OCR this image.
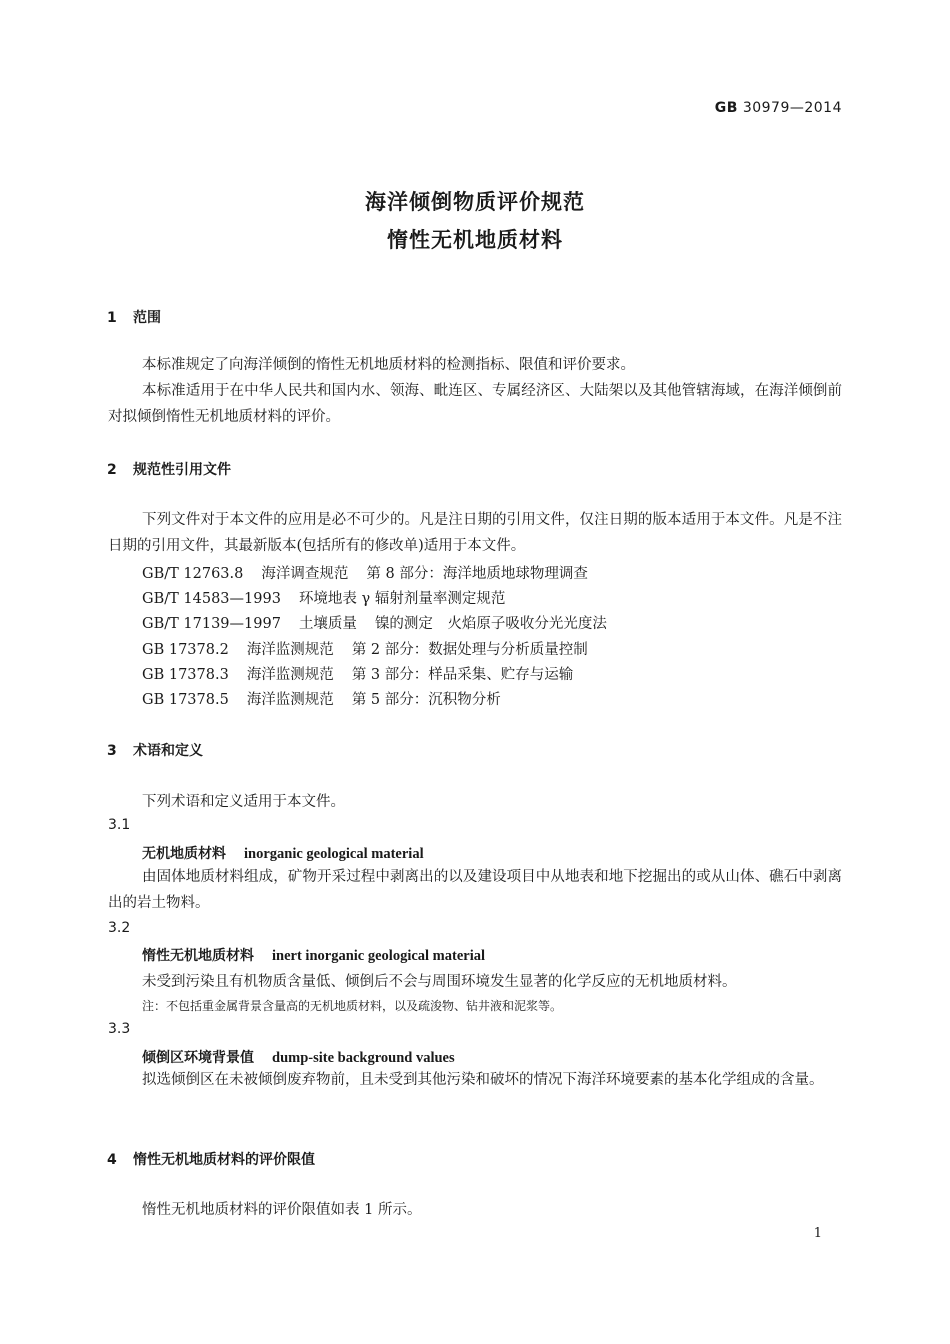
GB 30979—2014
海洋倾倒物质评价规范
惰性无机地质材料
1 范围
本标准规定了向海洋倾倒的惰性无机地质材料的检测指标、限值和评价要求。
本标准适用于在中华人民共和国内水、领海、毗连区、专属经济区、大陆架以及其他管辖海域，在海洋倾倒前对拟倾倒惰性无机地质材料的评价。
2 规范性引用文件
下列文件对于本文件的应用是必不可少的。凡是注日期的引用文件，仅注日期的版本适用于本文件。凡是不注日期的引用文件，其最新版本(包括所有的修改单)适用于本文件。
GB/T 12763.8 海洋调查规范 第 8 部分：海洋地质地球物理调查
GB/T 14583—1993 环境地表 γ 辐射剂量率测定规范
GB/T 17139—1997 土壤质量 镍的测定　火焰原子吸收分光光度法
GB 17378.2 海洋监测规范 第 2 部分：数据处理与分析质量控制
GB 17378.3 海洋监测规范 第 3 部分：样品采集、贮存与运输
GB 17378.5 海洋监测规范 第 5 部分：沉积物分析
3 术语和定义
下列术语和定义适用于本文件。
3.1
无机地质材料 inorganic geological material
由固体地质材料组成，矿物开采过程中剥离出的以及建设项目中从地表和地下挖掘出的或从山体、礁石中剥离出的岩土物料。
3.2
惰性无机地质材料 inert inorganic geological material
未受到污染且有机物质含量低、倾倒后不会与周围环境发生显著的化学反应的无机地质材料。
注：不包括重金属背景含量高的无机地质材料，以及疏浚物、钻井液和泥浆等。
3.3
倾倒区环境背景值 dump-site background values
拟选倾倒区在未被倾倒废弃物前，且未受到其他污染和破坏的情况下海洋环境要素的基本化学组成的含量。
4 惰性无机地质材料的评价限值
惰性无机地质材料的评价限值如表 1 所示。
1
